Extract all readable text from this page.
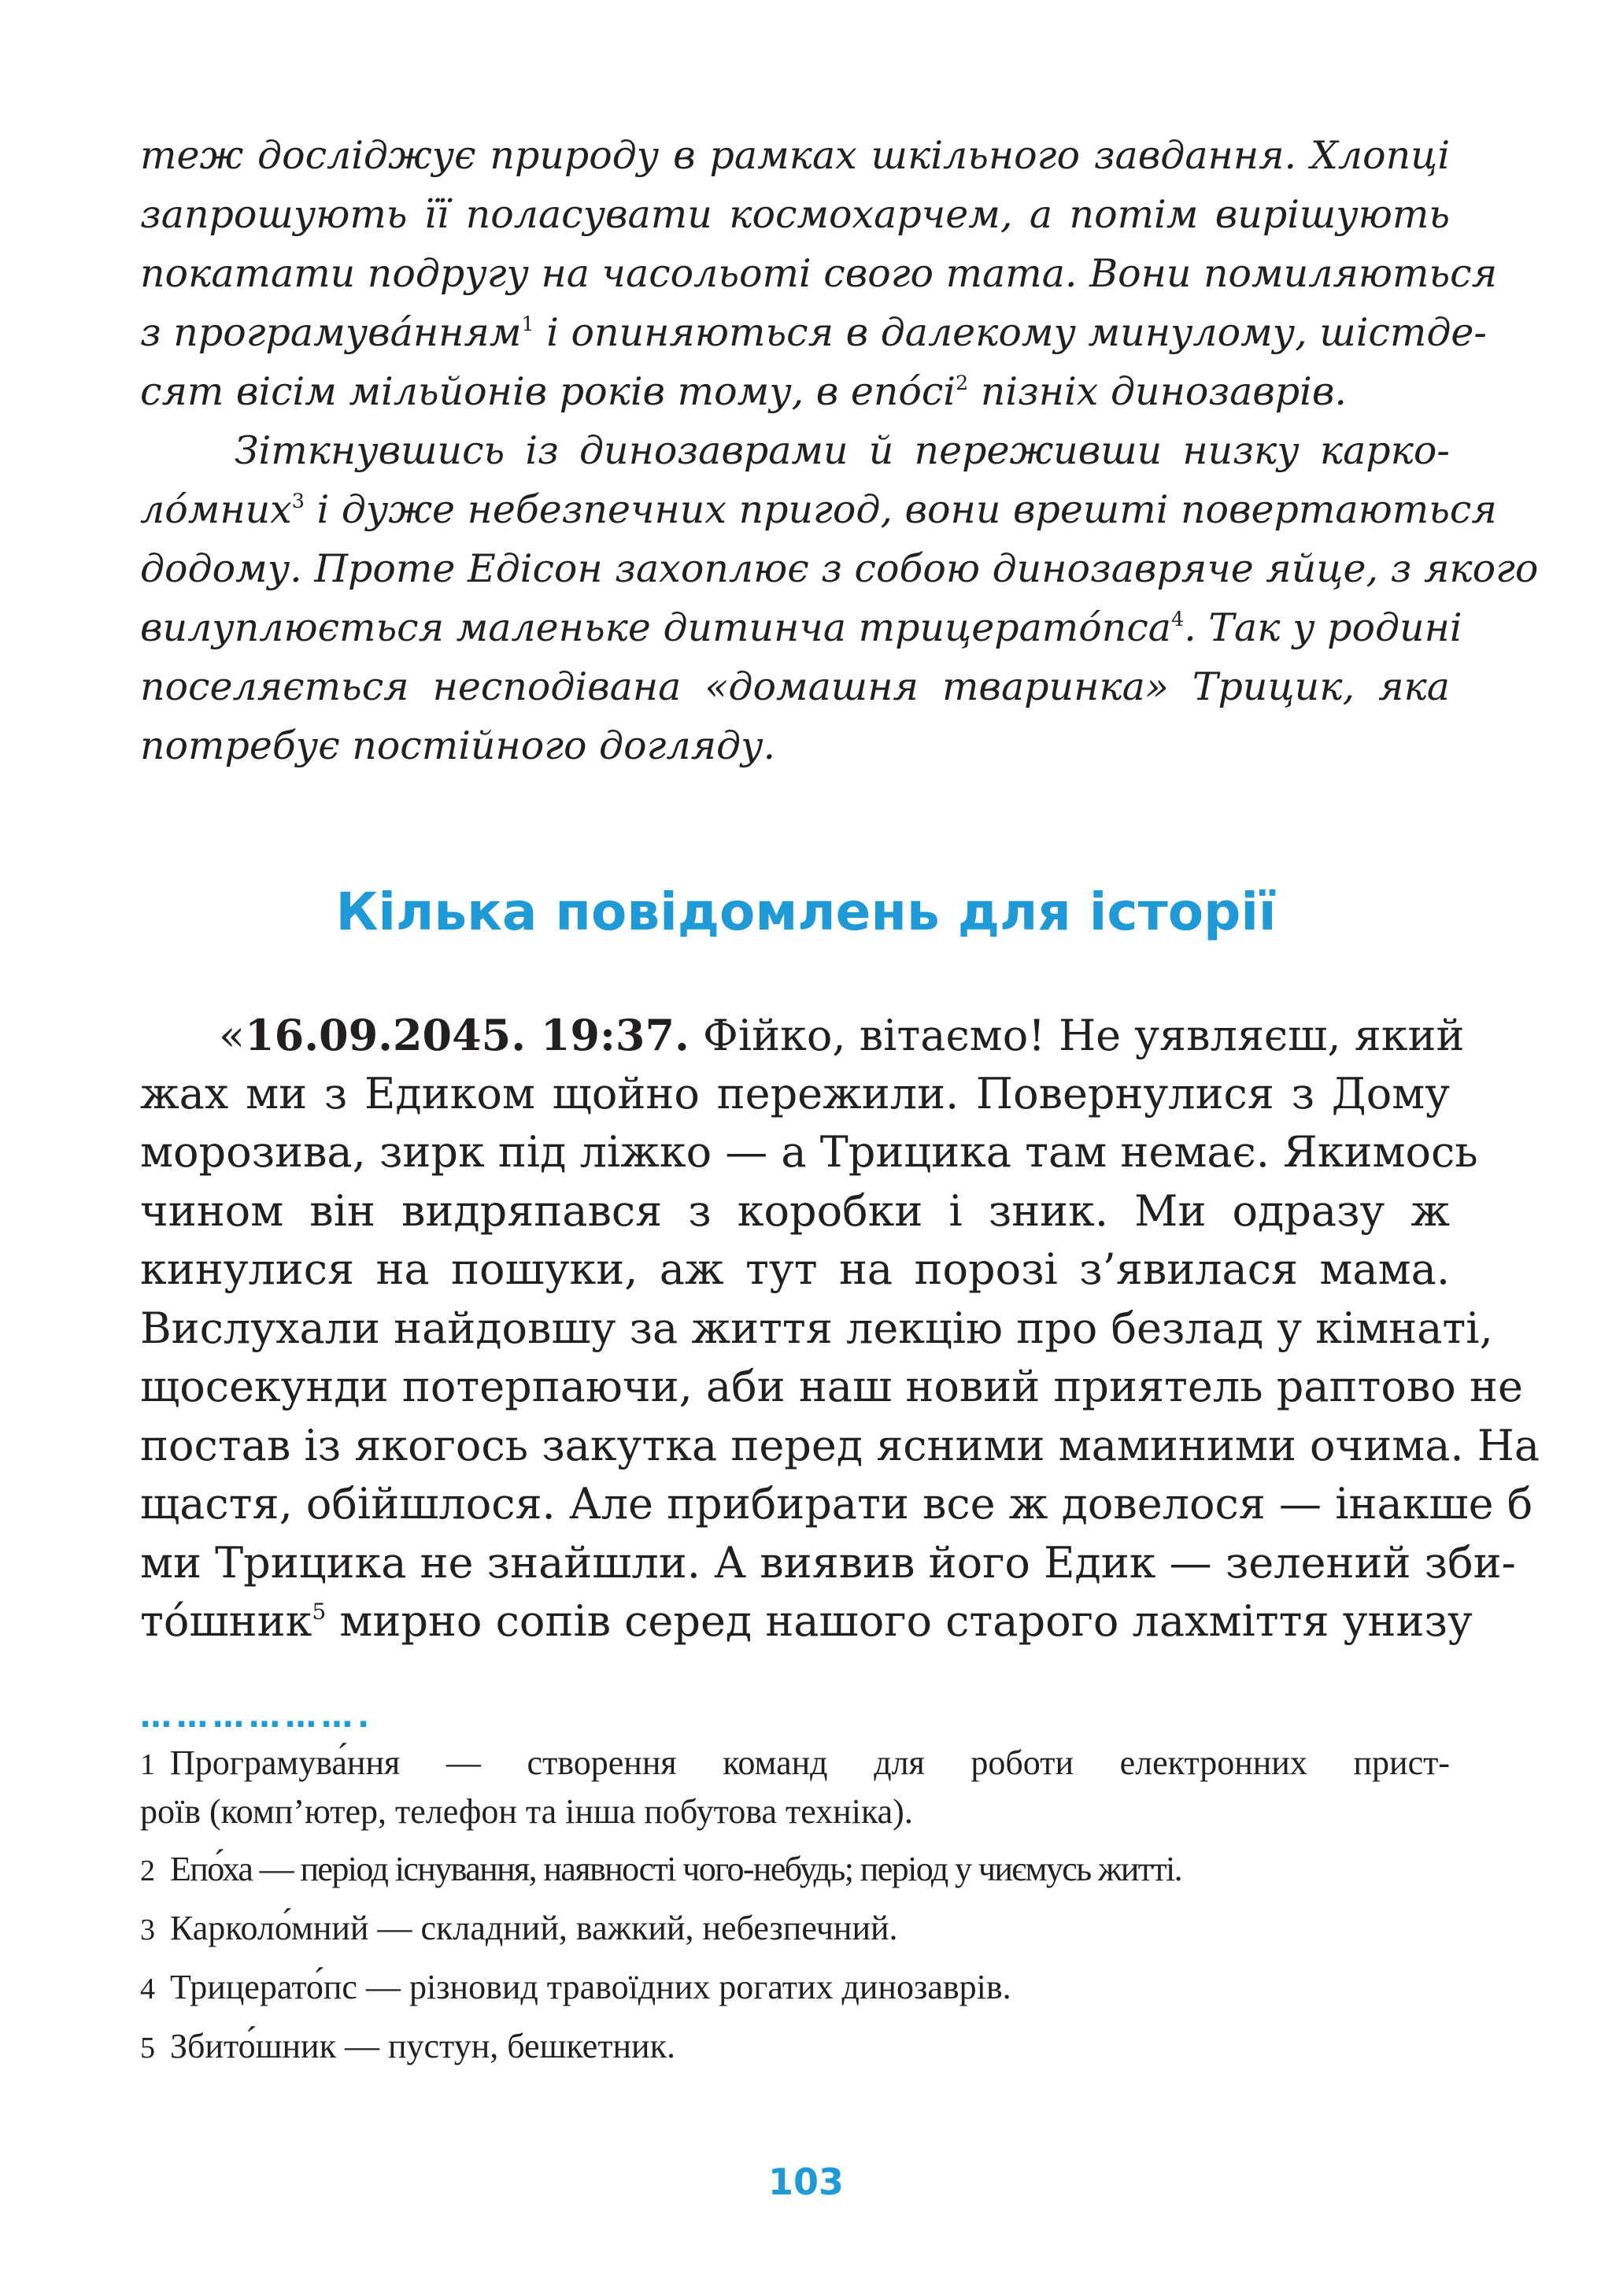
теж досліджує природу в рамках шкільного завдання. Хлопці
запрошують її поласувати космохарчем, а потім вирішують
покатати подругу на часольоті свого тата. Вони помиляються
з програмува́нням$^1$ і опиняються в далекому минулому, шістде-
сят вісім мільйонів років тому, в $епо́сі^2$ пізніх динозаврів.
Зіткнувшись із динозаврами й переживши низку карко-
ло́мних$^3$ і дуже небезпечних пригод, вони врешті повертаються
додому. Проте Едісон захоплює з собою динозавряче яйце, з якого
вилуплюється маленьке дитинча трицерато́пса$^4$. Так у родині
поселяється несподівана «домашня тваринка» Трицик, яка
потребує постійного догляду.
Кілька повідомлень для історії
«16.09.2045. 19:37. Фійко, вітаємо! Не уявляєш, який
жах ми з Едиком щойно пережили. Повернулися з Дому
морозива, зирк під ліжко — а Трицика там немає. Якимось
чином він видряпався з коробки і зник. Ми одразу ж
кинулися на пошуки, аж тут на порозі з’явилася мама.
Вислухали найдовшу за життя лекцію про безлад у кімнаті,
щосекунди потерпаючи, аби наш новий приятель раптово не
постав із якогось закутка перед ясними маминими очима. На
щастя, обійшлося. Але прибирати все ж довелося — інакше б
ми Трицика не знайшли. А виявив його Едик — зелений зби-
то́шник$^5$ мирно сопів серед нашого старого лахміття унизу
……………….
1 Програмува́ння — створення команд для роботи електронних прист-
роїв (комп’ютер, телефон та інша побутова техніка).
2 Епо́ха — період існування, наявності чого-небудь; період у чиємусь житті.
3 Карколо́мний — складний, важкий, небезпечний.
4 Трицерато́пс — різновид травоїдних рогатих динозаврів.
5 Збито́шник — пустун, бешкетник.
103
